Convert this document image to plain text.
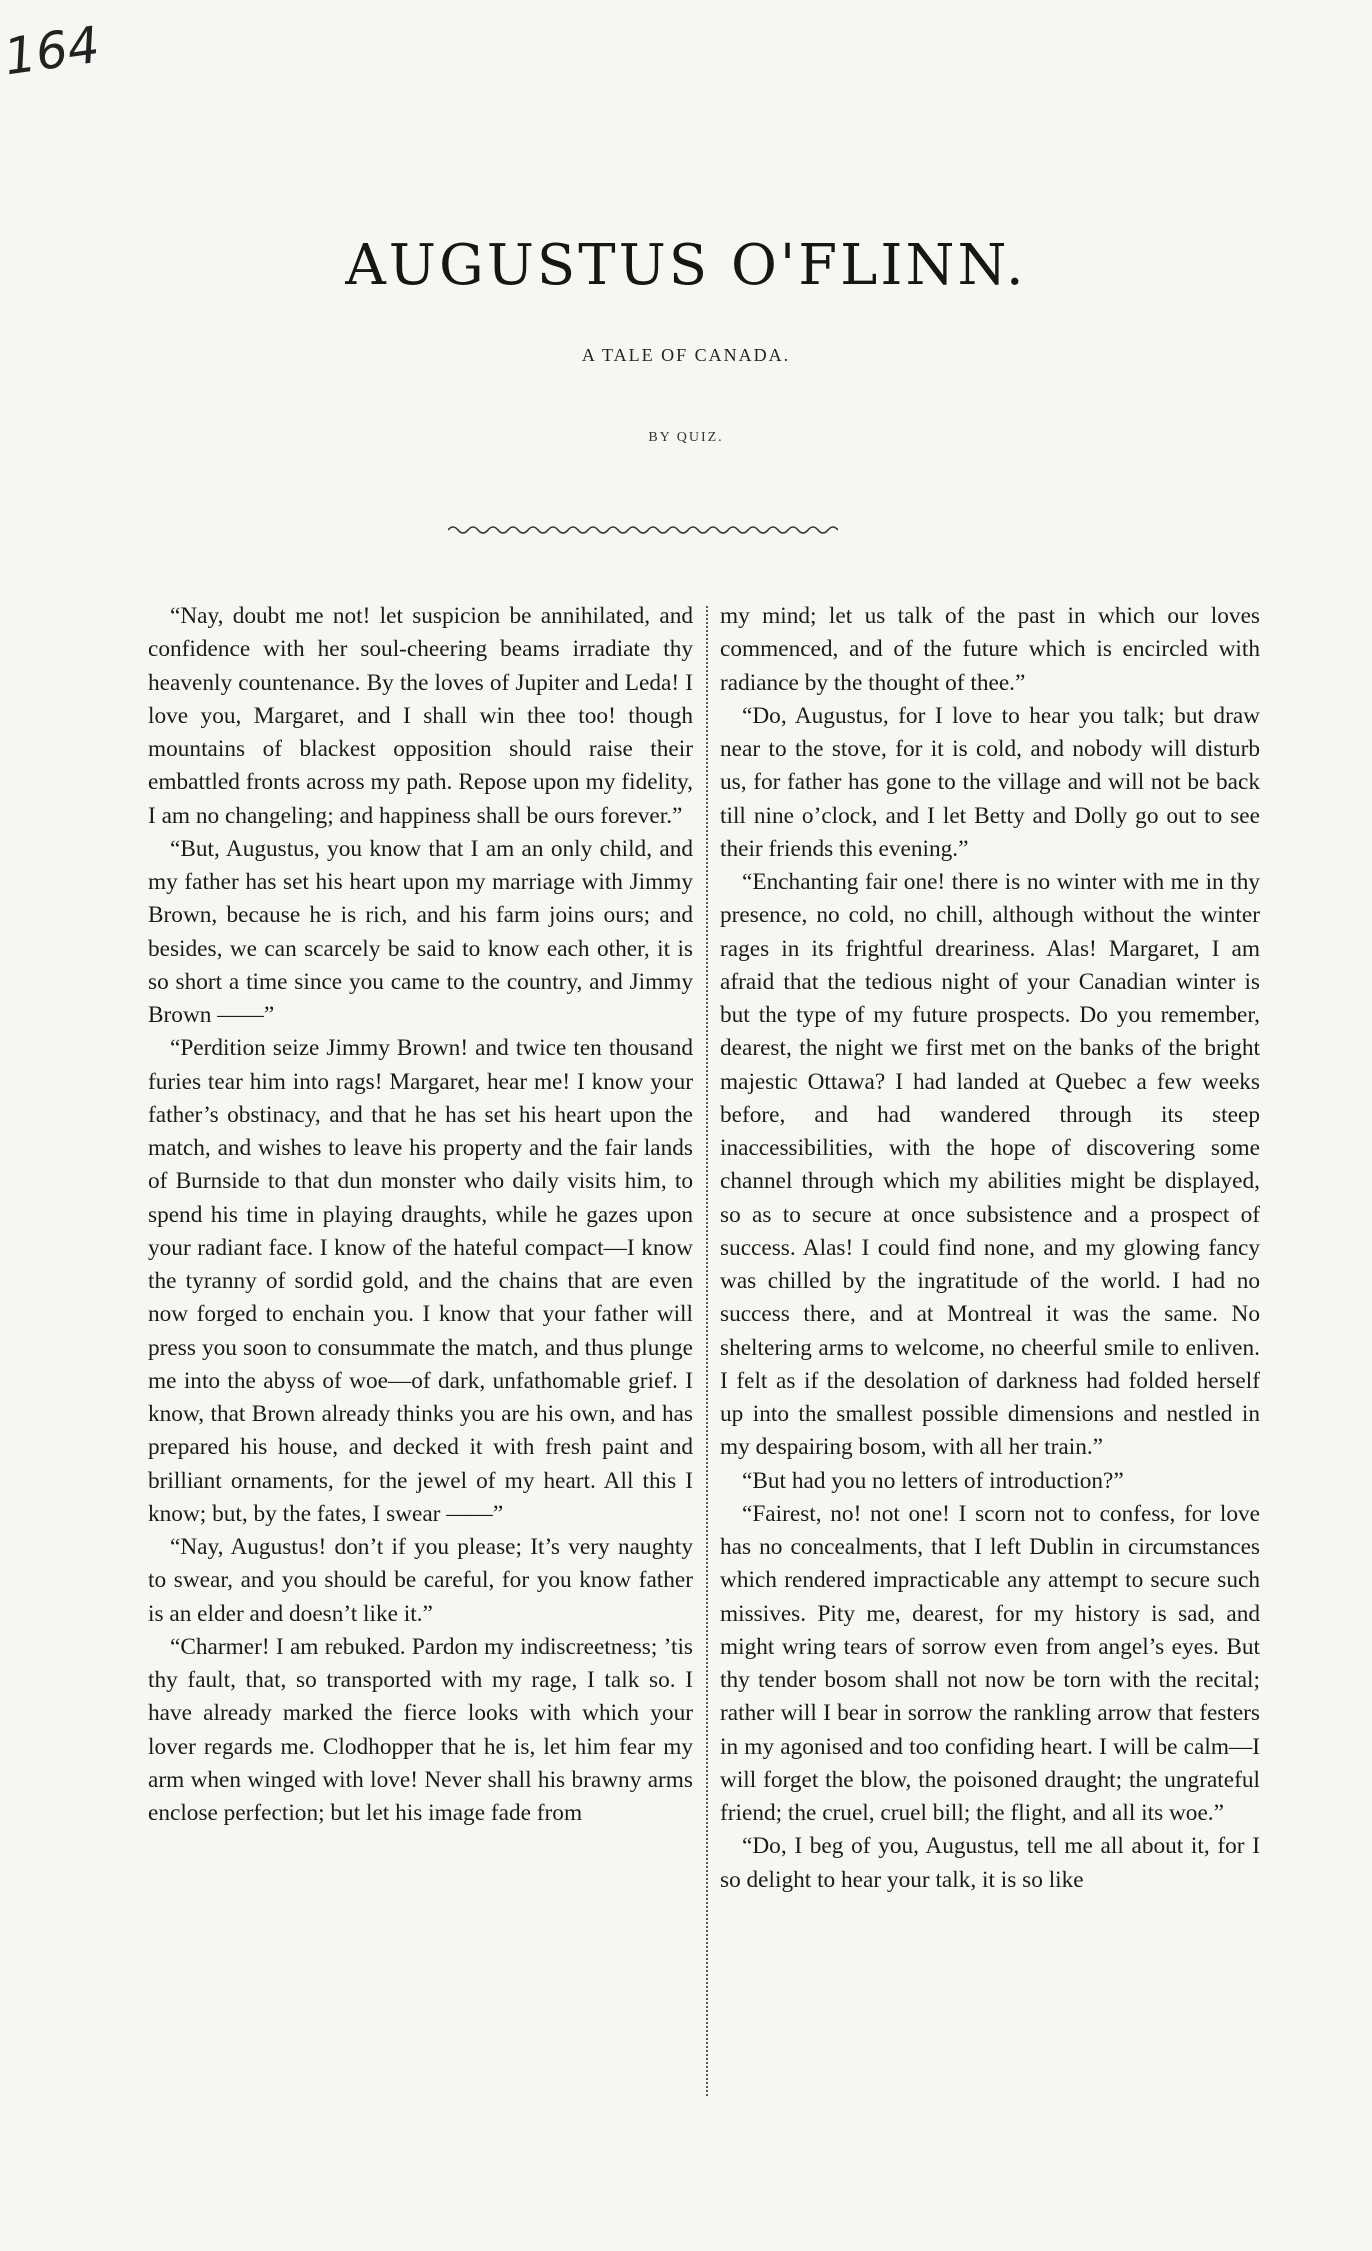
164
AUGUSTUS O'FLINN.
A TALE OF CANADA.
BY QUIZ.

“Nay, doubt me not! let suspicion be annihilated, and confidence with her soul-cheering beams irradiate thy heavenly countenance. By the loves of Jupiter and Leda! I love you, Margaret, and I shall win thee too! though mountains of blackest opposition should raise their embattled fronts across my path. Repose upon my fidelity, I am no changeling; and happiness shall be ours forever.”

“But, Augustus, you know that I am an only child, and my father has set his heart upon my marriage with Jimmy Brown, because he is rich, and his farm joins ours; and besides, we can scarcely be said to know each other, it is so short a time since you came to the country, and Jimmy Brown ——”

“Perdition seize Jimmy Brown! and twice ten thousand furies tear him into rags! Margaret, hear me! I know your father’s obstinacy, and that he has set his heart upon the match, and wishes to leave his property and the fair lands of Burnside to that dun monster who daily visits him, to spend his time in playing draughts, while he gazes upon your radiant face. I know of the hateful compact—I know the tyranny of sordid gold, and the chains that are even now forged to enchain you. I know that your father will press you soon to consummate the match, and thus plunge me into the abyss of woe—of dark, unfathomable grief. I know, that Brown already thinks you are his own, and has prepared his house, and decked it with fresh paint and brilliant ornaments, for the jewel of my heart. All this I know; but, by the fates, I swear ——”

“Nay, Augustus! don’t if you please; It’s very naughty to swear, and you should be careful, for you know father is an elder and doesn’t like it.”

“Charmer! I am rebuked. Pardon my indiscreetness; ’tis thy fault, that, so transported with my rage, I talk so. I have already marked the fierce looks with which your lover regards me. Clodhopper that he is, let him fear my arm when winged with love! Never shall his brawny arms enclose perfection; but let his image fade from

my mind; let us talk of the past in which our loves commenced, and of the future which is encircled with radiance by the thought of thee.”

“Do, Augustus, for I love to hear you talk; but draw near to the stove, for it is cold, and nobody will disturb us, for father has gone to the village and will not be back till nine o’clock, and I let Betty and Dolly go out to see their friends this evening.”

“Enchanting fair one! there is no winter with me in thy presence, no cold, no chill, although without the winter rages in its frightful dreariness. Alas! Margaret, I am afraid that the tedious night of your Canadian winter is but the type of my future prospects. Do you remember, dearest, the night we first met on the banks of the bright majestic Ottawa? I had landed at Quebec a few weeks before, and had wandered through its steep inaccessibilities, with the hope of discovering some channel through which my abilities might be displayed, so as to secure at once subsistence and a prospect of success. Alas! I could find none, and my glowing fancy was chilled by the ingratitude of the world. I had no success there, and at Montreal it was the same. No sheltering arms to welcome, no cheerful smile to enliven. I felt as if the desolation of darkness had folded herself up into the smallest possible dimensions and nestled in my despairing bosom, with all her train.”

“But had you no letters of introduction?”

“Fairest, no! not one! I scorn not to confess, for love has no concealments, that I left Dublin in circumstances which rendered impracticable any attempt to secure such missives. Pity me, dearest, for my history is sad, and might wring tears of sorrow even from angel’s eyes. But thy tender bosom shall not now be torn with the recital; rather will I bear in sorrow the rankling arrow that festers in my agonised and too confiding heart. I will be calm—I will forget the blow, the poisoned draught; the ungrateful friend; the cruel, cruel bill; the flight, and all its woe.”

“Do, I beg of you, Augustus, tell me all about it, for I so delight to hear your talk, it is so like
